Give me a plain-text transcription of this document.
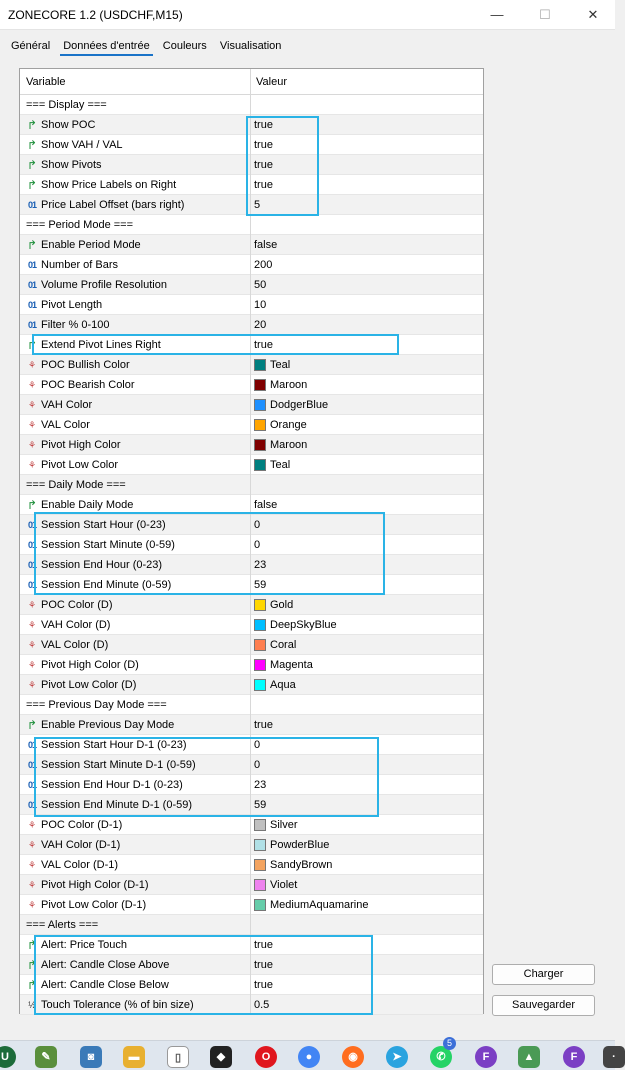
ZONECORE 1.2 (USDCHF,M15)	—	☐	✕
Général Données d'entrée Couleurs Visualisation
Variable	Valeur
=== Display ===
↱ Show POC	true
↱ Show VAH / VAL	true
↱ Show Pivots	true
↱ Show Price Labels on Right	true
01 Price Label Offset (bars right)	5
=== Period Mode ===
↱ Enable Period Mode	false
01 Number of Bars	200
01 Volume Profile Resolution	50
01 Pivot Length	10
01 Filter % 0-100	20
↱ Extend Pivot Lines Right	true
⚘ POC Bullish Color	Teal
⚘ POC Bearish Color	Maroon
⚘ VAH Color	DodgerBlue
⚘ VAL Color	Orange
⚘ Pivot High Color	Maroon
⚘ Pivot Low Color	Teal
=== Daily Mode ===
↱ Enable Daily Mode	false
01 Session Start Hour (0-23)	0
01 Session Start Minute (0-59)	0
01 Session End Hour (0-23)	23
01 Session End Minute (0-59)	59
⚘ POC Color (D)	Gold
⚘ VAH Color (D)	DeepSkyBlue
⚘ VAL Color (D)	Coral
⚘ Pivot High Color (D)	Magenta
⚘ Pivot Low Color (D)	Aqua
=== Previous Day Mode ===
↱ Enable Previous Day Mode	true
01 Session Start Hour D-1 (0-23)	0
01 Session Start Minute D-1 (0-59)	0
01 Session End Hour D-1 (0-23)	23
01 Session End Minute D-1 (0-59)	59
⚘ POC Color (D-1)	Silver
⚘ VAH Color (D-1)	PowderBlue
⚘ VAL Color (D-1)	SandyBrown
⚘ Pivot High Color (D-1)	Violet
⚘ Pivot Low Color (D-1)	MediumAquamarine
=== Alerts ===
↱ Alert: Price Touch	true
↱ Alert: Candle Close Above	true
↱ Alert: Candle Close Below	true
½ Touch Tolerance (% of bin size)	0.5
Charger
Sauvegarder
U	✎	◙	▬	▯	◆	O	●	◉	➤	✆	F	▲	F	·
5
